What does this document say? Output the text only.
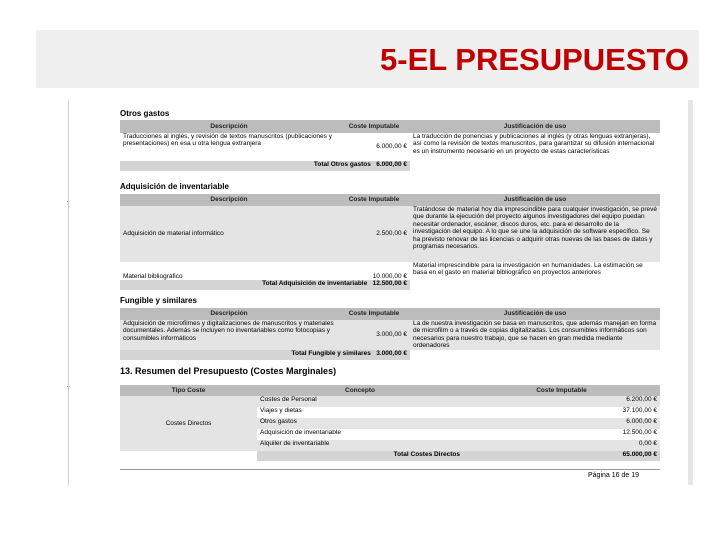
5-EL PRESUPUESTO
Otros gastos
Descripción	Coste Imputable	Justificación de uso
Traducciones al inglés, y revisión de textos manuscritos (publicaciones y presentaciones) en esa u otra lengua extranjera	6.000,00 €	La traducción de ponencias y publicaciones al inglés (y otras lenguas extranjeras), así como la revisión de textos manuscritos, para garantizar su difusión internacional es un instrumento necesario en un proyecto de estas características
Total Otros gastos 6.000,00 €		
Adquisición de inventariable
Descripción	Coste Imputable	Justificación de uso
Adquisición de material informático	2.500,00 €	Tratándose de material hoy día imprescindible para cualquier investigación, se prevé que durante la ejecución del proyecto algunos investigadores del equipo puedan necesitar ordenador, escáner, discos duros, etc. para el desarrollo de la investigación del equipo. A lo que se une la adquisición de software específico. Se ha previsto renovar de las licencias o adquirir otras nuevas de las bases de datos y programas necesarios.
Material bibliográfico	10.000,00 €	Material imprescindible para la investigación en humanidades. La estimación se basa en el gasto en material bibliográfico en proyectos anteriores
Total Adquisición de inventariable 12.500,00 €		
Fungible y similares
Descripción	Coste Imputable	Justificación de uso
Adquisición de microfilmes y digitalizaciones de manuscritos y materiales documentales. Además se incluyen no inventariables como fotocopias y consumibles informáticos	3.000,00 €	La de nuestra investigación se basa en manuscritos, que además manejan en forma de microfilm o a través de copias digitalizadas. Los consumibles informáticos son necesarios para nuestro trabajo, que se hacen en gran medida mediante ordenadores
Total Fungible y similares 3.000,00 €		
13. Resumen del Presupuesto (Costes Marginales)
Tipo Coste	Concepto	Coste Imputable
Costes Directos	Costes de Personal	6.200,00 €
	Viajes y dietas	37.100,00 €
	Otros gastos	6.000,00 €
	Adquisición de inventariable	12.500,00 €
	Alquiler de inventariable	0,00 €
	Total Costes Directos	65.000,00 €
Página 16 de 19
